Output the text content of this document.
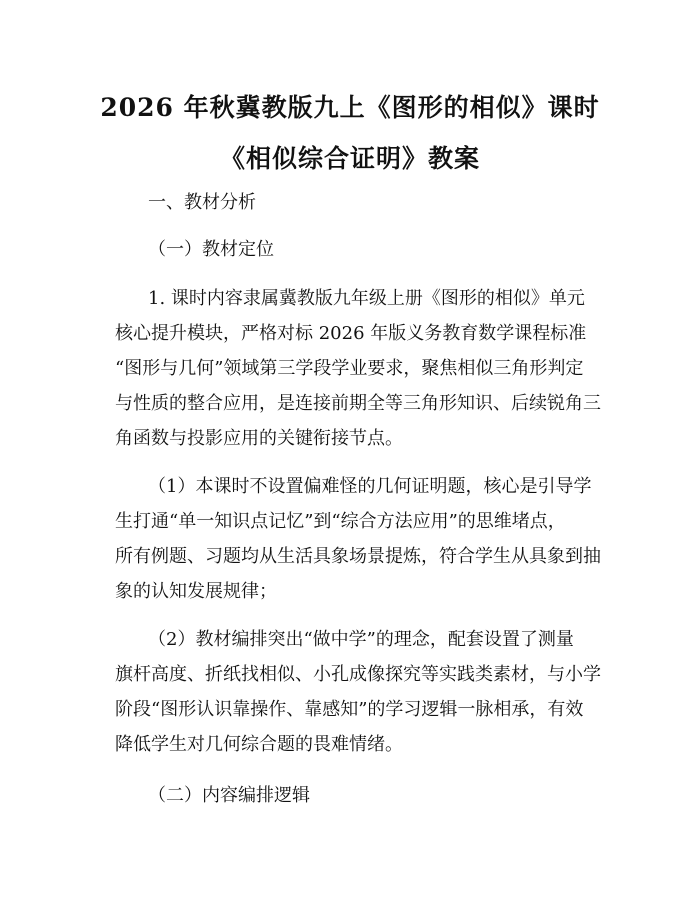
2026 年秋冀教版九上《图形的相似》课时
《相似综合证明》教案
一、教材分析
（一）教材定位
1. 课时内容隶属冀教版九年级上册《图形的相似》单元
核心提升模块，严格对标 2026 年版义务教育数学课程标准
“图形与几何”领域第三学段学业要求，聚焦相似三角形判定
与性质的整合应用，是连接前期全等三角形知识、后续锐角三
角函数与投影应用的关键衔接节点。
（1）本课时不设置偏难怪的几何证明题，核心是引导学
生打通“单一知识点记忆”到“综合方法应用”的思维堵点，
所有例题、习题均从生活具象场景提炼，符合学生从具象到抽
象的认知发展规律；
（2）教材编排突出“做中学”的理念，配套设置了测量
旗杆高度、折纸找相似、小孔成像探究等实践类素材，与小学
阶段“图形认识靠操作、靠感知”的学习逻辑一脉相承，有效
降低学生对几何综合题的畏难情绪。
（二）内容编排逻辑
